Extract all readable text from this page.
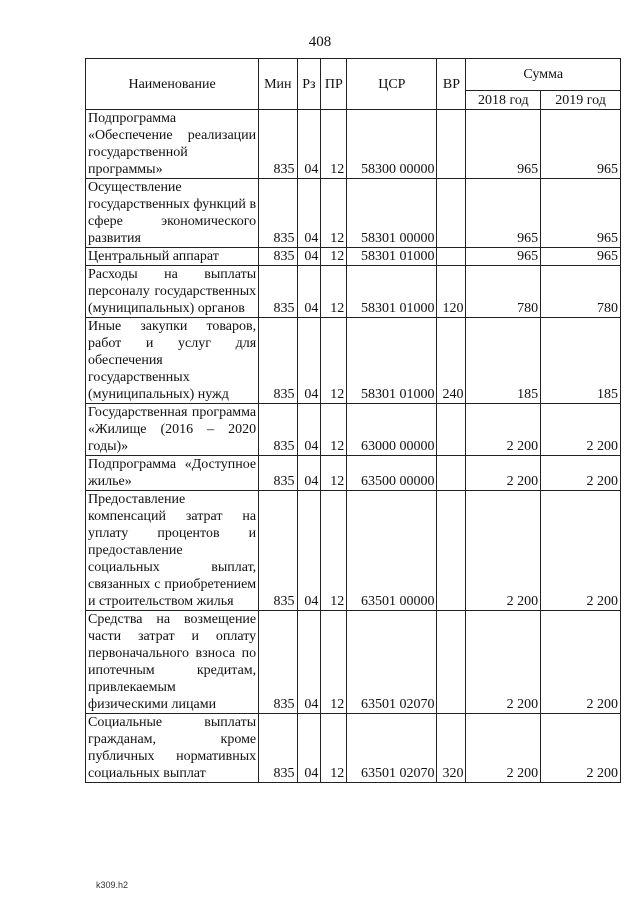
408
Наименование	Мин	Рз	ПР	ЦСР	ВР	Сумма	
						2018 год	2019 год
Подпрограмма «Обеспечение реализации государственной программы»	835	04	12	58300 00000		965	965
Осуществление государственных функций в сфере экономического развития	835	04	12	58301 00000		965	965
Центральный аппарат	835	04	12	58301 01000		965	965
Расходы на выплаты персоналу государственных (муниципальных) органов	835	04	12	58301 01000	120	780	780
Иные закупки товаров, работ и услуг для обеспечения государственных (муниципальных) нужд	835	04	12	58301 01000	240	185	185
Государственная программа «Жилище (2016 – 2020 годы)»	835	04	12	63000 00000		2 200	2 200
Подпрограмма «Доступное жилье»	835	04	12	63500 00000		2 200	2 200
Предоставление компенсаций затрат на уплату процентов и предоставление социальных выплат, связанных с приобретением и строительством жилья	835	04	12	63501 00000		2 200	2 200
Средства на возмещение части затрат и оплату первоначального взноса по ипотечным кредитам, привлекаемым физическими лицами	835	04	12	63501 02070		2 200	2 200
Социальные выплаты гражданам, кроме публичных нормативных социальных выплат	835	04	12	63501 02070	320	2 200	2 200
k309.h2
